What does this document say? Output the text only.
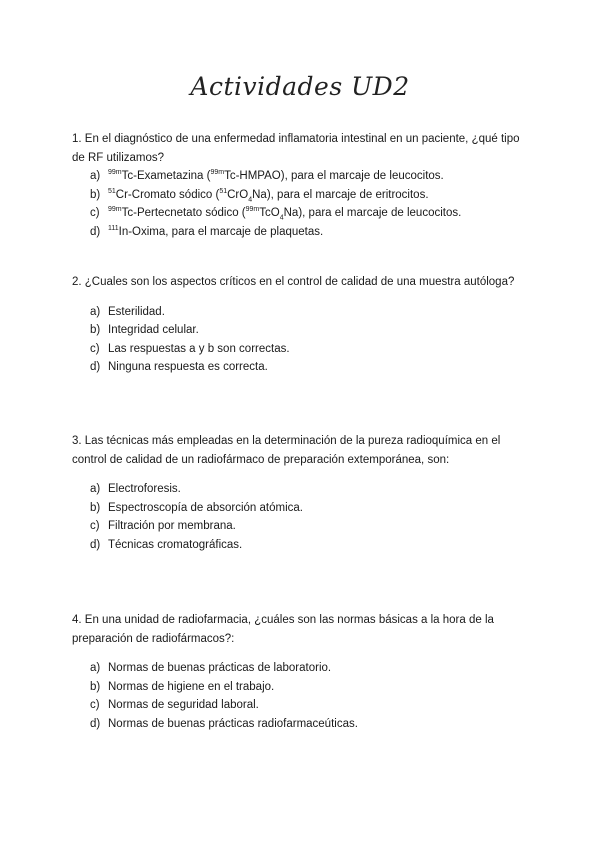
Actividades UD2

1. En el diagnóstico de una enfermedad inflamatoria intestinal en un paciente, ¿qué tipo de RF utilizamos?

a)	$^{99m}$Tc-Exametazina ($^{99m}$Tc-HMPAO), para el marcaje de leucocitos.
b)	$^{51}$Cr-Cromato sódico ($^{51}$CrO$_4$Na), para el marcaje de eritrocitos.
c)	$^{99m}$Tc-Pertecnetato sódico ($^{99m}$TcO$_4$Na), para el marcaje de leucocitos.
d)	$^{111}$In-Oxima, para el marcaje de plaquetas.

2. ¿Cuales son los aspectos críticos en el control de calidad de una muestra autóloga?

a) Esterilidad.
b) Integridad celular.
c) Las respuestas a y b son correctas.
d) Ninguna respuesta es correcta.

3. Las técnicas más empleadas en la determinación de la pureza radioquímica en el control de calidad de un radiofármaco de preparación extemporánea, son:

a) Electroforesis.
b) Espectroscopía de absorción atómica.
c) Filtración por membrana.
d) Técnicas cromatográficas.

4. En una unidad de radiofarmacia, ¿cuáles son las normas básicas a la hora de la preparación de radiofármacos?:

a) Normas de buenas prácticas de laboratorio.
b) Normas de higiene en el trabajo.
c) Normas de seguridad laboral.
d) Normas de buenas prácticas radiofarmaceúticas.
